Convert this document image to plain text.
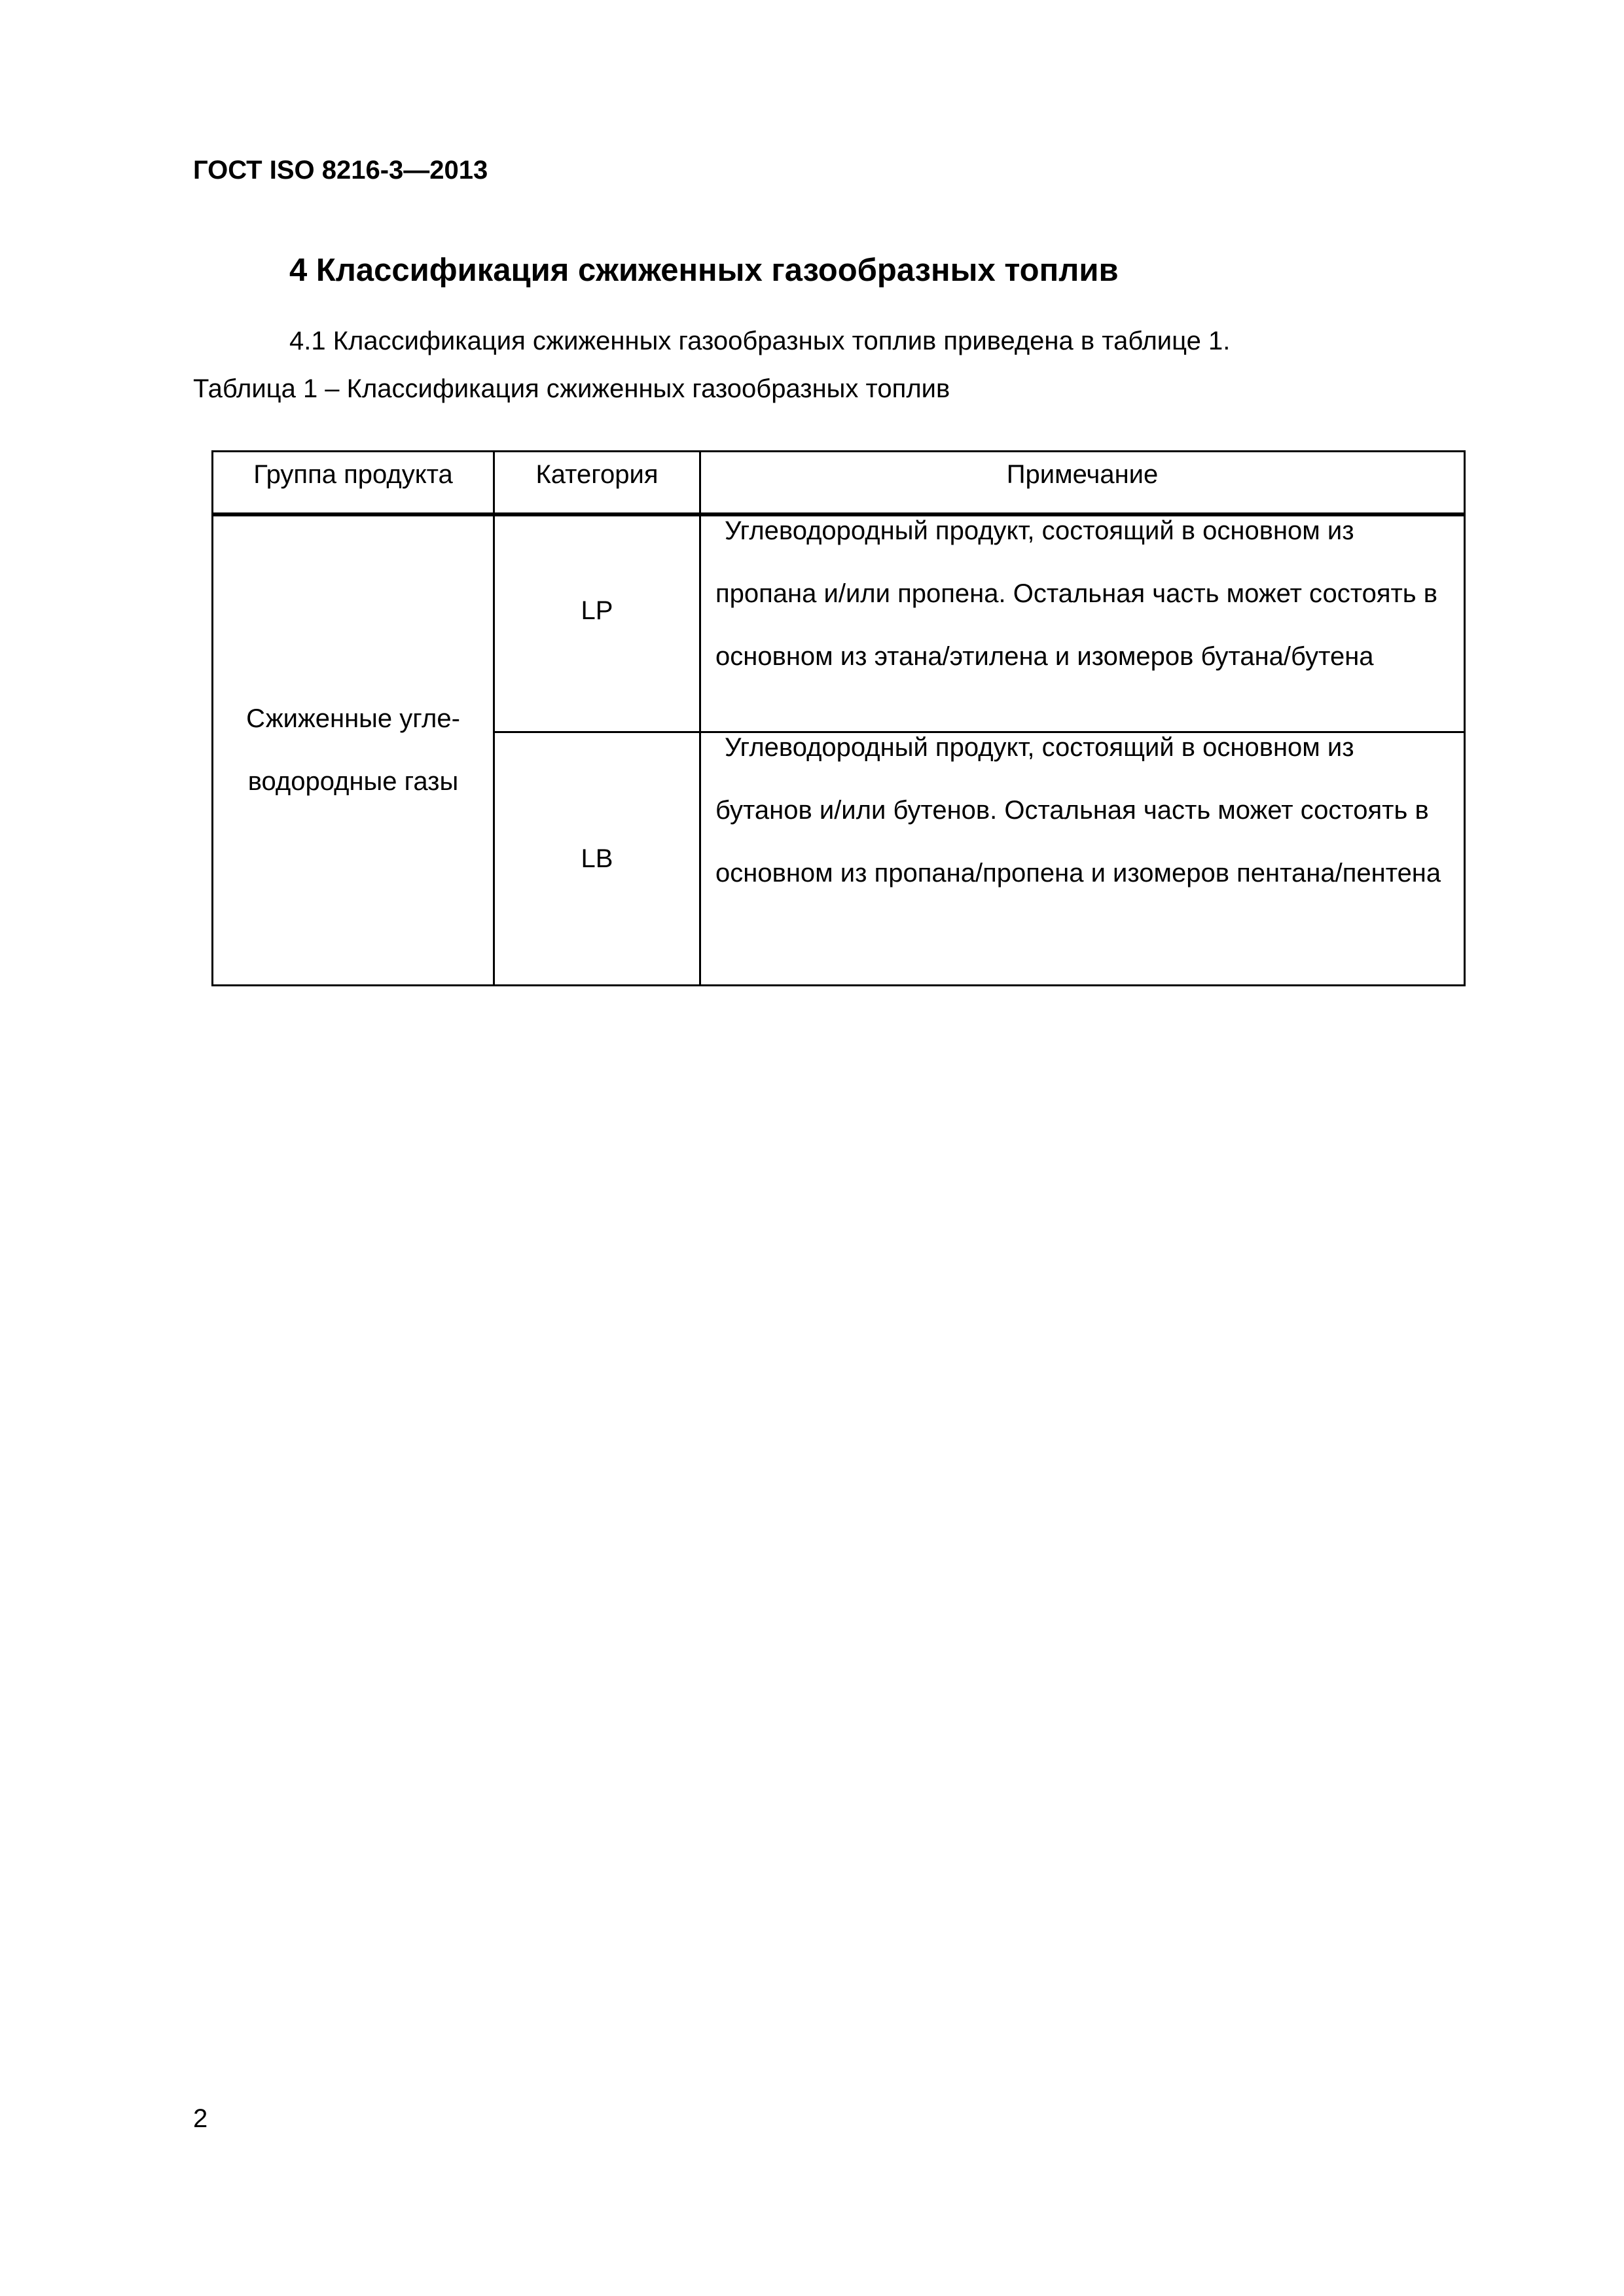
ГОСТ ISO 8216-3—2013
4 Классификация сжиженных газообразных топлив
4.1 Классификация сжиженных газообразных топлив приведена в таблице 1.
Таблица 1 – Классификация сжиженных газообразных топлив
Группа продукта	Категория	Примечание
Сжиженные угле-водородные газы	LP	Углеводородный продукт, состоящий в основном из пропана и/или пропена. Остальная часть может состоять в основном из этана/этилена и изомеров бутана/бутена

	LB	Углеводородный продукт, состоящий в основном из бутанов и/или бутенов. Остальная часть может состоять в основном из пропана/пропена и изомеров пентана/пентена
2
